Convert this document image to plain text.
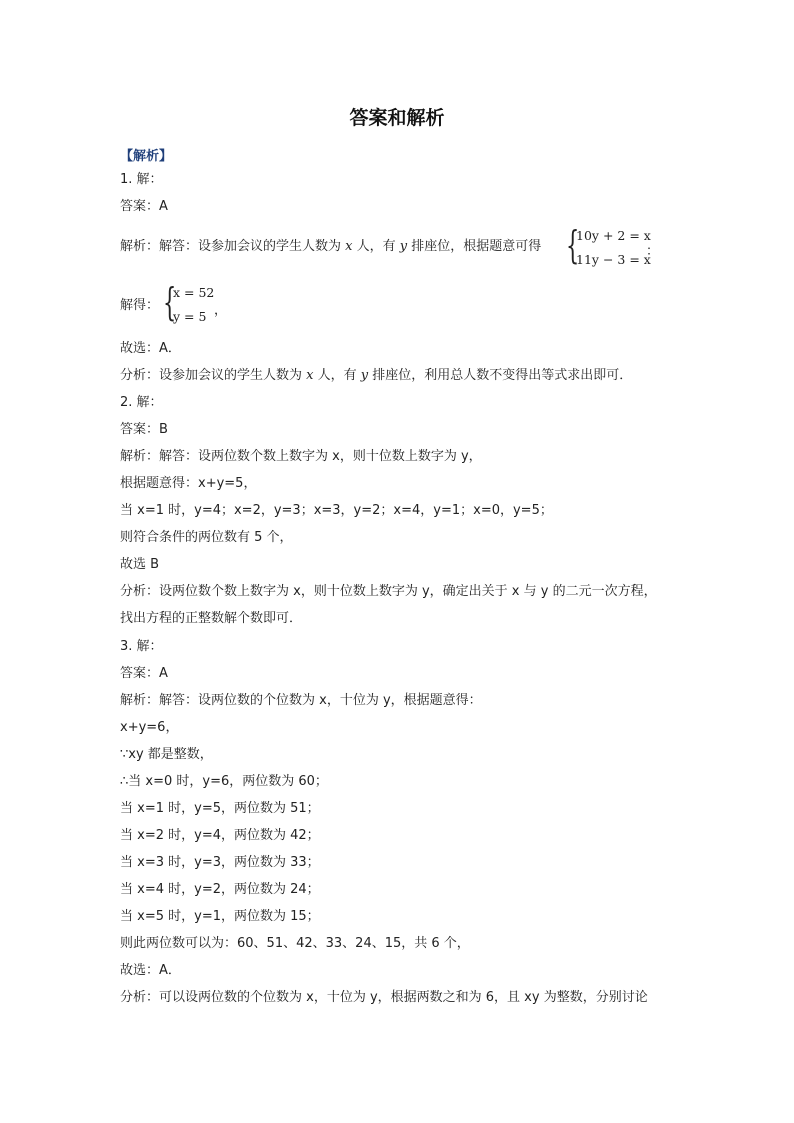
答案和解析
【解析】
1. 解：
答案：A
解析：解答：设参加会议的学生人数为 x 人，有 y 排座位，根据题意可得 {
10y + 2 = x
11y − 3 = x
：
解得： {
x = 52
y = 5 ，
故选：A．
分析：设参加会议的学生人数为 x 人，有 y 排座位，利用总人数不变得出等式求出即可．
2. 解：
答案：B
解析：解答：设两位数个数上数字为 x，则十位数上数字为 y，
根据题意得：x+y=5，
当 x=1 时，y=4；x=2，y=3；x=3，y=2；x=4，y=1；x=0，y=5；
则符合条件的两位数有 5 个，
故选 B
分析：设两位数个数上数字为 x，则十位数上数字为 y，确定出关于 x 与 y 的二元一次方程，
找出方程的正整数解个数即可．
3. 解：
答案：A
解析：解答：设两位数的个位数为 x，十位为 y，根据题意得：
x+y=6，
∵xy 都是整数，
∴当 x=0 时，y=6，两位数为 60；
当 x=1 时，y=5，两位数为 51；
当 x=2 时，y=4，两位数为 42；
当 x=3 时，y=3，两位数为 33；
当 x=4 时，y=2，两位数为 24；
当 x=5 时，y=1，两位数为 15；
则此两位数可以为：60、51、42、33、24、15，共 6 个，
故选：A．
分析：可以设两位数的个位数为 x，十位为 y，根据两数之和为 6，且 xy 为整数，分别讨论
